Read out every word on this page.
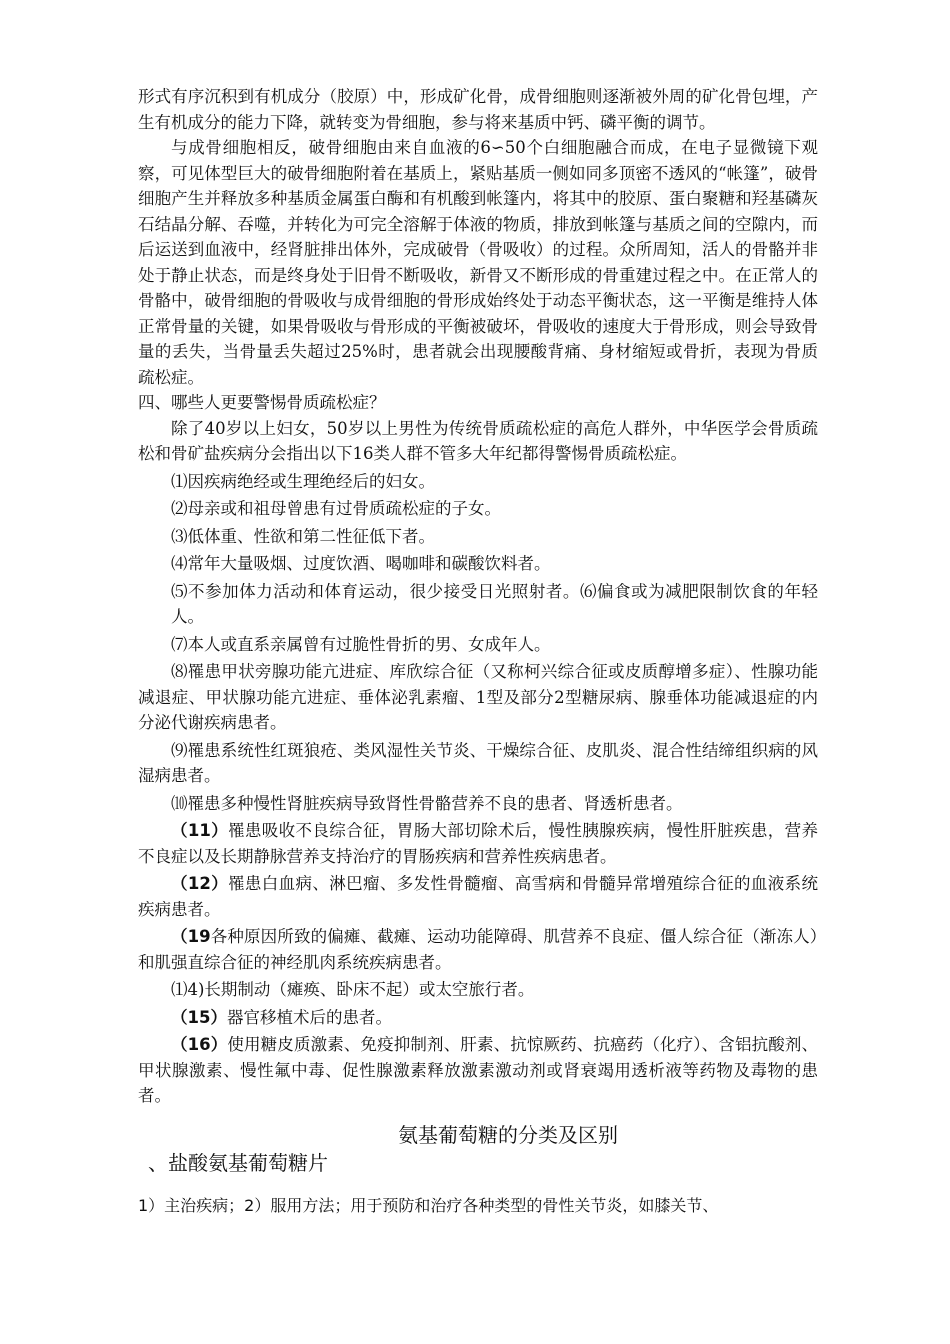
形式有序沉积到有机成分（胶原）中，形成矿化骨，成骨细胞则逐渐被外周的矿化骨包埋，产生有机成分的能力下降，就转变为骨细胞，参与将来基质中钙、磷平衡的调节。

与成骨细胞相反，破骨细胞由来自血液的6∽50个白细胞融合而成，在电子显微镜下观察，可见体型巨大的破骨细胞附着在基质上，紧贴基质一侧如同多顶密不透风的“帐篷”，破骨细胞产生并释放多种基质金属蛋白酶和有机酸到帐篷内，将其中的胶原、蛋白聚糖和羟基磷灰石结晶分解、吞噬，并转化为可完全溶解于体液的物质，排放到帐篷与基质之间的空隙内，而后运送到血液中，经肾脏排出体外，完成破骨（骨吸收）的过程。众所周知，活人的骨骼并非处于静止状态，而是终身处于旧骨不断吸收，新骨又不断形成的骨重建过程之中。在正常人的骨骼中，破骨细胞的骨吸收与成骨细胞的骨形成始终处于动态平衡状态，这一平衡是维持人体正常骨量的关键，如果骨吸收与骨形成的平衡被破坏，骨吸收的速度大于骨形成，则会导致骨量的丢失，当骨量丢失超过25%时，患者就会出现腰酸背痛、身材缩短或骨折，表现为骨质疏松症。

四、哪些人更要警惕骨质疏松症？

除了40岁以上妇女，50岁以上男性为传统骨质疏松症的高危人群外，中华医学会骨质疏松和骨矿盐疾病分会指出以下16类人群不管多大年纪都得警惕骨质疏松症。

⑴因疾病绝经或生理绝经后的妇女。

⑵母亲或和祖母曾患有过骨质疏松症的子女。

⑶低体重、性欲和第二性征低下者。

⑷常年大量吸烟、过度饮酒、喝咖啡和碳酸饮料者。

⑸不参加体力活动和体育运动，很少接受日光照射者。⑹偏食或为减肥限制饮食的年轻人。

⑺本人或直系亲属曾有过脆性骨折的男、女成年人。

⑻罹患甲状旁腺功能亢进症、库欣综合征（又称柯兴综合征或皮质醇增多症）、性腺功能减退症、甲状腺功能亢进症、垂体泌乳素瘤、1型及部分2型糖尿病、腺垂体功能减退症的内分泌代谢疾病患者。

⑼罹患系统性红斑狼疮、类风湿性关节炎、干燥综合征、皮肌炎、混合性结缔组织病的风湿病患者。

⑽罹患多种慢性肾脏疾病导致肾性骨骼营养不良的患者、肾透析患者。

（11）罹患吸收不良综合征，胃肠大部切除术后，慢性胰腺疾病，慢性肝脏疾患，营养不良症以及长期静脉营养支持治疗的胃肠疾病和营养性疾病患者。

（12）罹患白血病、淋巴瘤、多发性骨髓瘤、高雪病和骨髓异常增殖综合征的血液系统疾病患者。

（19各种原因所致的偏瘫、截瘫、运动功能障碍、肌营养不良症、僵人综合征（渐冻人）和肌强直综合征的神经肌肉系统疾病患者。

⑴4)长期制动（瘫痪、卧床不起）或太空旅行者。

（15）器官移植术后的患者。

（16）使用糖皮质激素、免疫抑制剂、肝素、抗惊厥药、抗癌药（化疗）、含铝抗酸剂、甲状腺激素、慢性氟中毒、促性腺激素释放激素激动剂或肾衰竭用透析液等药物及毒物的患者。

氨基葡萄糖的分类及区别

、盐酸氨基葡萄糖片

1）主治疾病；2）服用方法；用于预防和治疗各种类型的骨性关节炎，如膝关节、
